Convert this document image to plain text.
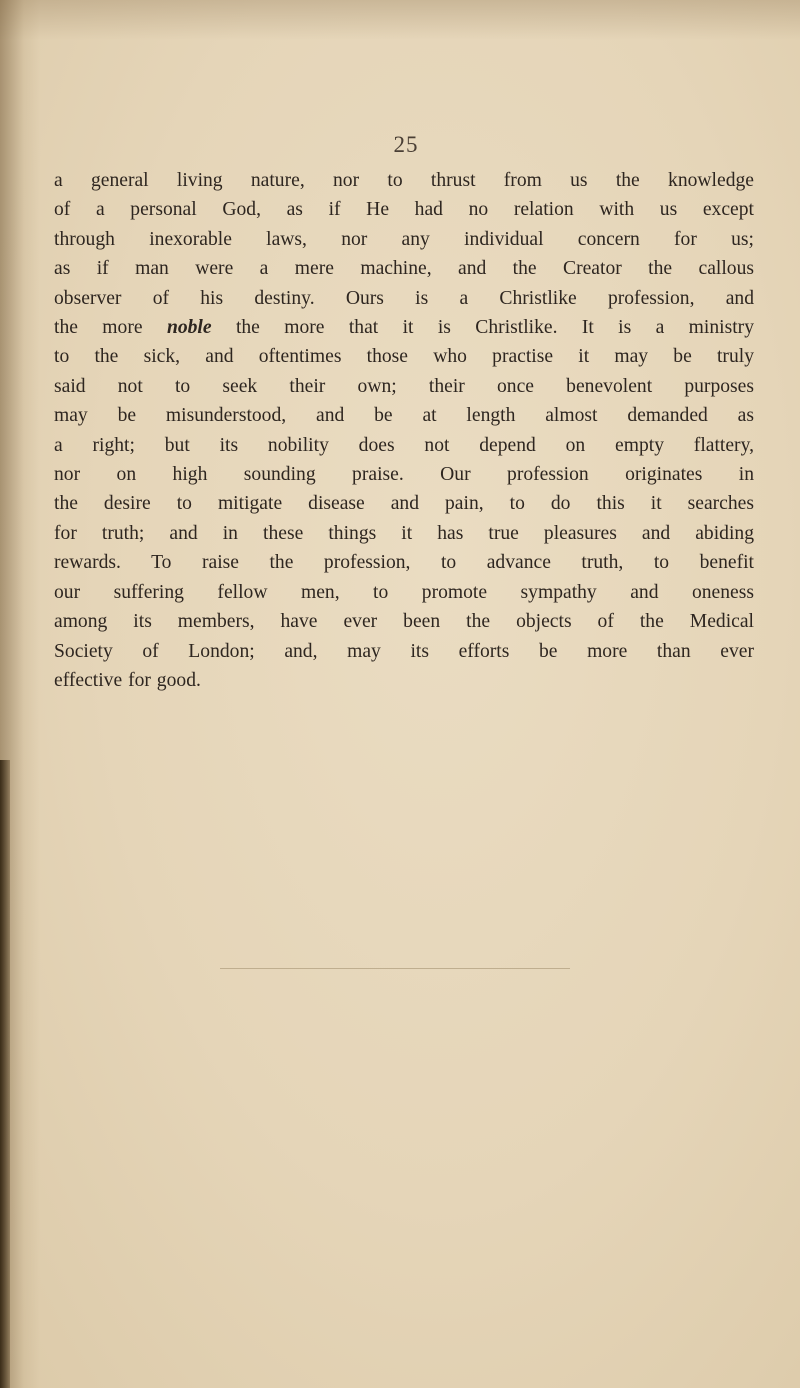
25
a general living nature, nor to thrust from us the knowledge
of a personal God, as if He had no relation with us except
through inexorable laws, nor any individual concern for us;
as if man were a mere machine, and the Creator the callous
observer of his destiny. Ours is a Christlike profession, and
the more noble the more that it is Christlike. It is a ministry
to the sick, and oftentimes those who practise it may be truly
said not to seek their own; their once benevolent purposes
may be misunderstood, and be at length almost demanded as
a right; but its nobility does not depend on empty flattery,
nor on high sounding praise. Our profession originates in
the desire to mitigate disease and pain, to do this it searches
for truth; and in these things it has true pleasures and abiding
rewards. To raise the profession, to advance truth, to benefit
our suffering fellow men, to promote sympathy and oneness
among its members, have ever been the objects of the Medical
Society of London; and, may its efforts be more than ever
effective for good.
